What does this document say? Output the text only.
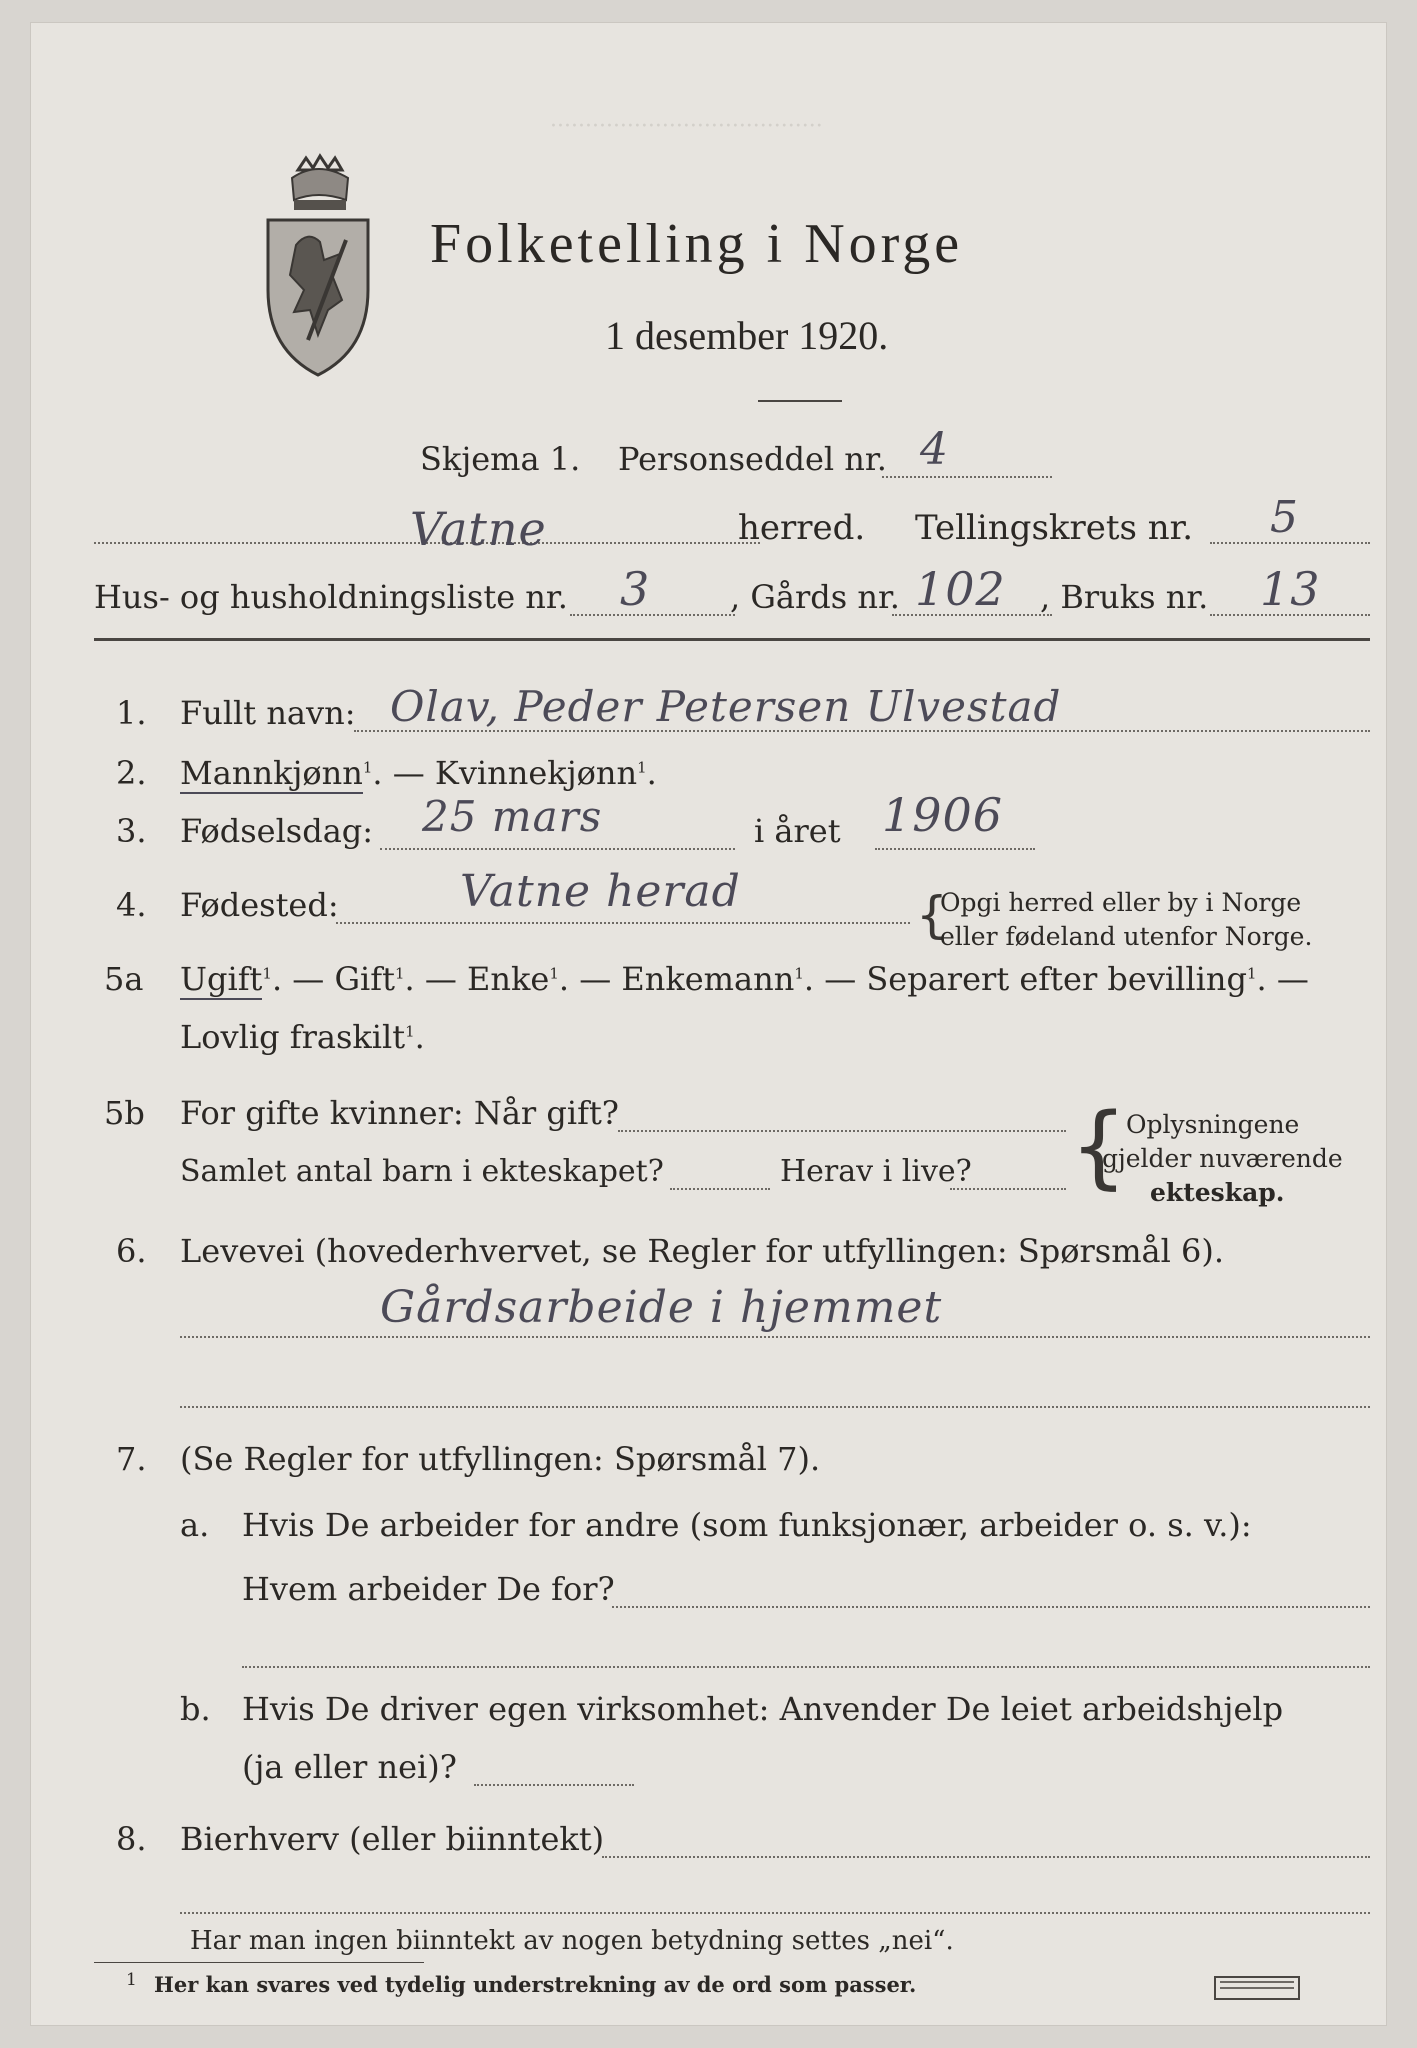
·······································
Folketelling i Norge
1 desember 1920.
Skjema 1. Personseddel nr. 4
Vatne	herred. Tellingskrets nr. 5
Hus- og husholdningsliste nr. 3 , Gårds nr. 102 , Bruks nr. 13
1. Fullt navn: Olav, Peder Petersen Ulvestad
2. Mannkjønn$^1$. — Kvinnekjønn$^1$.
3. Fødselsdag: 25 mars	i året 1906
4. Fødested:	Vatne herad	{
Opgi herred eller by i Norge
eller fødeland utenfor Norge.
5a Ugift$^1$. — Gift$^1$. — Enke$^1$. — Enkemann$^1$. — Separert efter bevilling$^1$. —
Lovlig fraskilt$^1$.
5b For gifte kvinner: Når gift?
Samlet antal barn i ekteskapet?	Herav i live? {
Oplysningene
gjelder nuværende
ekteskap.
6. Levevei (hovederhvervet, se Regler for utfyllingen: Spørsmål 6).
Gårdsarbeide i hjemmet
7. (Se Regler for utfyllingen: Spørsmål 7).
a. Hvis De arbeider for andre (som funksjonær, arbeider o. s. v.):
Hvem arbeider De for?
b. Hvis De driver egen virksomhet: Anvender De leiet arbeidshjelp
(ja eller nei)?
8. Bierhverv (eller biinntekt)
Har man ingen biinntekt av nogen betydning settes „nei“.
1 Her kan svares ved tydelig understrekning av de ord som passer.
